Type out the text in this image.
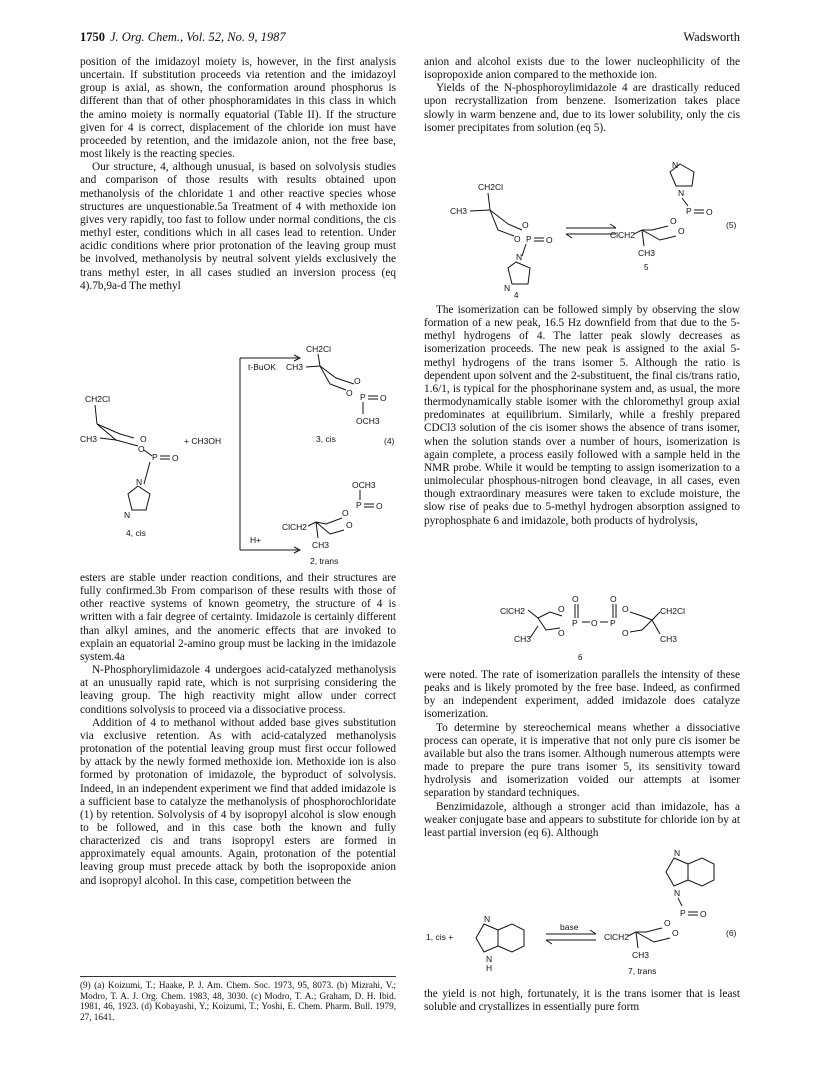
1750 J. Org. Chem., Vol. 52, No. 9, 1987	Wadsworth

position of the imidazoyl moiety is, however, in the first analysis uncertain. If substitution proceeds via retention and the imidazoyl group is axial, as shown, the conformation around phosphorus is different than that of other phosphoramidates in this class in which the amino moiety is normally equatorial (Table II). If the structure given for 4 is correct, displacement of the chloride ion must have proceeded by retention, and the imidazole anion, not the free base, most likely is the reacting species.

Our structure, 4, although unusual, is based on solvolysis studies and comparison of those results with results obtained upon methanolysis of the chloridate 1 and other reactive species whose structures are unquestionable.5a Treatment of 4 with methoxide ion gives very rapidly, too fast to follow under normal conditions, the cis methyl ester, conditions which in all cases lead to retention. Under acidic conditions where prior protonation of the leaving group must be involved, methanolysis by neutral solvent yields exclusively the trans methyl ester, in all cases studied an inversion process (eq 4).7b,9a-d The methyl

CH2Cl
CH3	O
O
P O
N
N
4, cis
+ CH3OH
t-BuOK
H+
CH2Cl
CH3
O
O P O
OCH3
3, cis	(4)
OCH3
P O
O
O
ClCH2
CH3
2, trans

esters are stable under reaction conditions, and their structures are fully confirmed.3b From comparison of these results with those of other reactive systems of known geometry, the structure of 4 is written with a fair degree of certainty. Imidazole is certainly different than alkyl amines, and the anomeric effects that are invoked to explain an equatorial 2-amino group must be lacking in the imidazole system.4a

N-Phosphorylimidazole 4 undergoes acid-catalyzed methanolysis at an unusually rapid rate, which is not surprising considering the leaving group. The high reactivity might allow under correct conditions solvolysis to proceed via a dissociative process.

Addition of 4 to methanol without added base gives substitution via exclusive retention. As with acid-catalyzed methanolysis protonation of the potential leaving group must first occur followed by attack by the newly formed methoxide ion. Methoxide ion is also formed by protonation of imidazole, the byproduct of solvolysis. Indeed, in an independent experiment we find that added imidazole is a sufficient base to catalyze the methanolysis of phosphorochloridate (1) by retention. Solvolysis of 4 by isopropyl alcohol is slow enough to be followed, and in this case both the known and fully characterized cis and trans isopropyl esters are formed in approximately equal amounts. Again, protonation of the potential leaving group must precede attack by both the isopropoxide anion and isopropyl alcohol. In this case, competition between the

(9) (a) Koizumi, T.; Haake, P. J. Am. Chem. Soc. 1973, 95, 8073. (b) Mizrahi, V.; Modro, T. A. J. Org. Chem. 1983, 48, 3030. (c) Modro, T. A.; Graham, D. H. Ibid. 1981, 46, 1923. (d) Kobayashi, Y.; Koizumi, T.; Yoshi, E. Chem. Pharm. Bull. 1979, 27, 1641.

anion and alcohol exists due to the lower nucleophilicity of the isopropoxide anion compared to the methoxide ion.

Yields of the N-phosphoroylimidazole 4 are drastically reduced upon recrystallization from benzene. Isomerization takes place slowly in warm benzene and, due to its lower solubility, only the cis isomer precipitates from solution (eq 5).

CH2Cl
CH3
O
O P O
N
N
4
N
N
P O
O
O
ClCH2
CH3
5
(5)

The isomerization can be followed simply by observing the slow formation of a new peak, 16.5 Hz downfield from that due to the 5-methyl hydrogens of 4. The latter peak slowly decreases as isomerization proceeds. The new peak is assigned to the axial 5-methyl hydrogens of the trans isomer 5. Although the ratio is dependent upon solvent and the 2-substituent, the final cis/trans ratio, 1.6/1, is typical for the phosphorinane system and, as usual, the more thermodynamically stable isomer with the chloromethyl group axial predominates at equilibrium. Similarly, while a freshly prepared CDCl3 solution of the cis isomer shows the absence of trans isomer, when the solution stands over a number of hours, isomerization is again complete, a process easily followed with a sample held in the NMR probe. While it would be tempting to assign isomerization to a unimolecular phosphous-nitrogen bond cleavage, in all cases, even though extraordinary measures were taken to exclude moisture, the slow rise of peaks due to 5-methyl hydrogen absorption assigned to pyrophosphate 6 and imidazole, both products of hydrolysis,

ClCH2	O
O
P
O
O P
O
O
O
CH2Cl
CH3	CH3
6

were noted. The rate of isomerization parallels the intensity of these peaks and is likely promoted by the free base. Indeed, as confirmed by an independent experiment, added imidazole does catalyze isomerization.

To determine by stereochemical means whether a dissociative process can operate, it is imperative that not only pure cis isomer be available but also the trans isomer. Although numerous attempts were made to prepare the pure trans isomer 5, its sensitivity toward hydrolysis and isomerization voided our attempts at isomer separation by standard techniques.

Benzimidazole, although a stronger acid than imidazole, has a weaker conjugate base and appears to substitute for chloride ion by at least partial inversion (eq 6). Although

1, cis +
N
N
H
base
N
N
P O
O
O
ClCH2
CH3
7, trans
(6)

the yield is not high, fortunately, it is the trans isomer that is least soluble and crystallizes in essentially pure form
